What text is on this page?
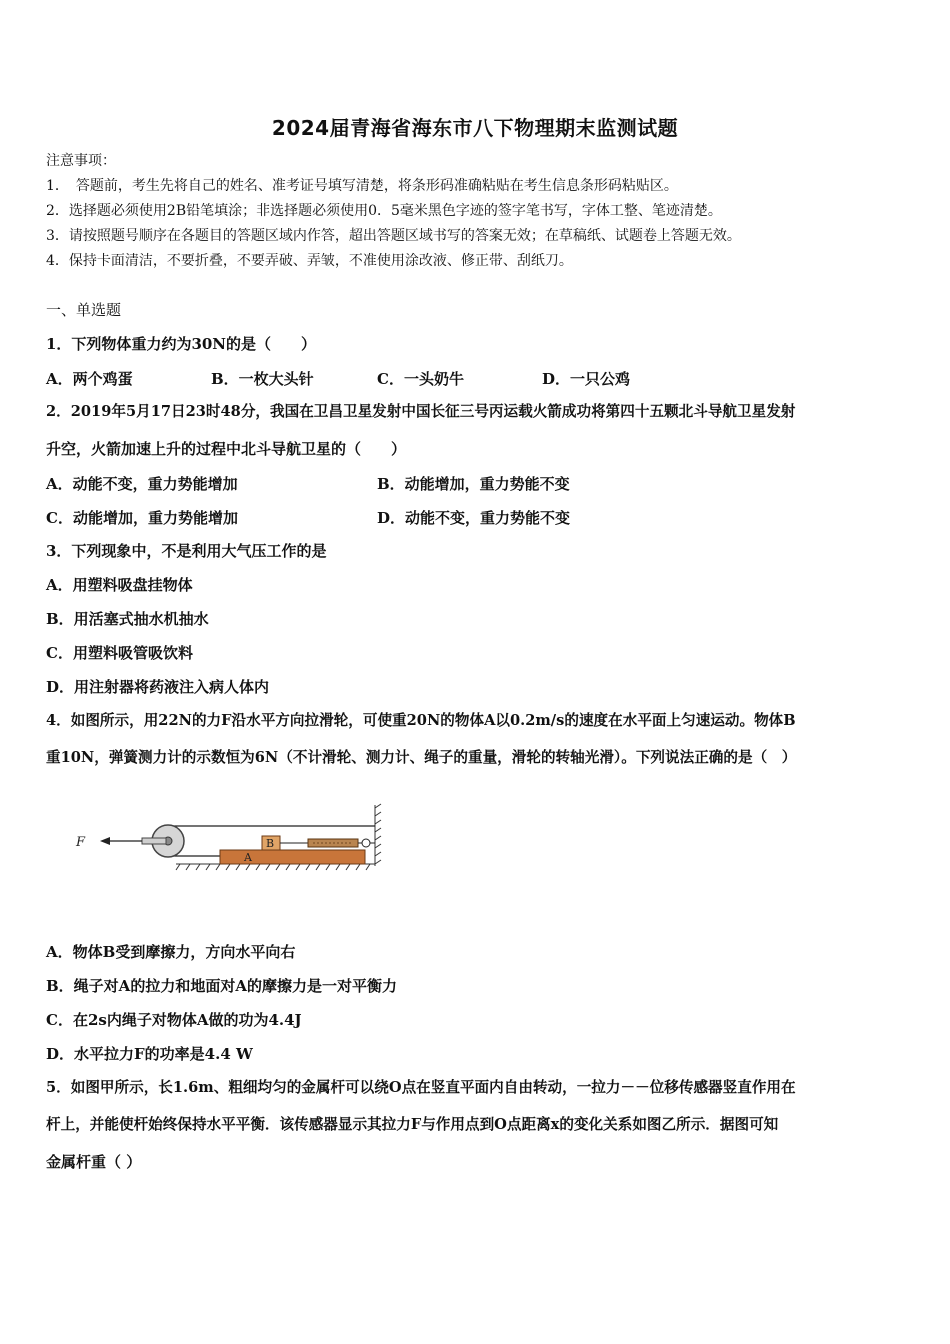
2024届青海省海东市八下物理期末监测试题
注意事项：
1．　答题前，考生先将自己的姓名、准考证号填写清楚，将条形码准确粘贴在考生信息条形码粘贴区。
2．选择题必须使用2B铅笔填涂；非选择题必须使用0．5毫米黑色字迹的签字笔书写，字体工整、笔迹清楚。
3．请按照题号顺序在各题目的答题区域内作答，超出答题区域书写的答案无效；在草稿纸、试题卷上答题无效。
4．保持卡面清洁，不要折叠，不要弄破、弄皱，不准使用涂改液、修正带、刮纸刀。
一、单选题
1．下列物体重力约为30N的是（　　）
A．两个鸡蛋	B．一枚大头针	C．一头奶牛	D．一只公鸡
2．2019年5月17日23时48分，我国在卫昌卫星发射中国长征三号丙运载火箭成功将第四十五颗北斗导航卫星发射
升空，火箭加速上升的过程中北斗导航卫星的（　　）
A．动能不变，重力势能增加	B．动能增加，重力势能不变
C．动能增加，重力势能增加	D．动能不变，重力势能不变
3．下列现象中，不是利用大气压工作的是
A．用塑料吸盘挂物体
B．用活塞式抽水机抽水
C．用塑料吸管吸饮料
D．用注射器将药液注入病人体内
4．如图所示，用22N的力F沿水平方向拉滑轮，可使重20N的物体A以0.2m/s的速度在水平面上匀速运动。物体B
重10N，弹簧测力计的示数恒为6N（不计滑轮、测力计、绳子的重量，滑轮的转轴光滑）。下列说法正确的是（　）
A
B
F
A．物体B受到摩擦力，方向水平向右
B．绳子对A的拉力和地面对A的摩擦力是一对平衡力
C．在2s内绳子对物体A做的功为4.4J
D．水平拉力F的功率是4.4 W
5．如图甲所示，长1.6m、粗细均匀的金属杆可以绕O点在竖直平面内自由转动，一拉力－－位移传感器竖直作用在
杆上，并能使杆始终保持水平平衡．该传感器显示其拉力F与作用点到O点距离x的变化关系如图乙所示．据图可知
金属杆重（ ）
